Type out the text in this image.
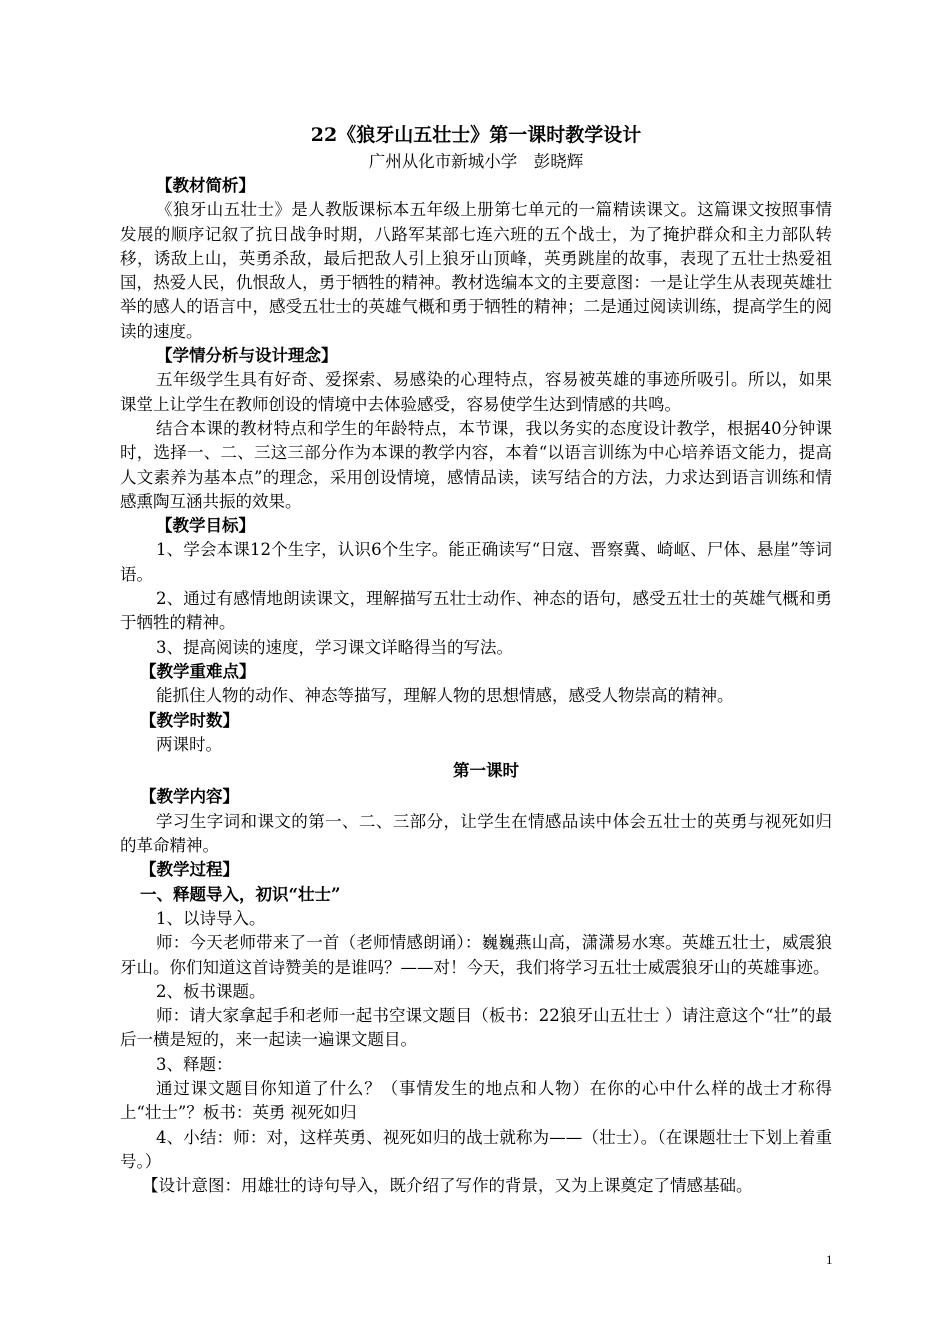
22《狼牙山五壮士》第一课时教学设计

广州从化市新城小学　彭晓辉

【教材简析】

《狼牙山五壮士》是人教版课标本五年级上册第七单元的一篇精读课文。这篇课文按照事情发展的顺序记叙了抗日战争时期，八路军某部七连六班的五个战士，为了掩护群众和主力部队转移，诱敌上山，英勇杀敌，最后把敌人引上狼牙山顶峰，英勇跳崖的故事，表现了五壮士热爱祖国，热爱人民，仇恨敌人，勇于牺牲的精神。教材选编本文的主要意图：一是让学生从表现英雄壮举的感人的语言中，感受五壮士的英雄气概和勇于牺牲的精神；二是通过阅读训练，提高学生的阅读的速度。

【学情分析与设计理念】

五年级学生具有好奇、爱探索、易感染的心理特点，容易被英雄的事迹所吸引。所以，如果课堂上让学生在教师创设的情境中去体验感受，容易使学生达到情感的共鸣。

结合本课的教材特点和学生的年龄特点，本节课，我以务实的态度设计教学，根据40分钟课时，选择一、二、三这三部分作为本课的教学内容，本着“以语言训练为中心培养语文能力，提高人文素养为基本点”的理念，采用创设情境，感情品读，读写结合的方法，力求达到语言训练和情感熏陶互涵共振的效果。

【教学目标】

1、学会本课12个生字，认识6个生字。能正确读写“日寇、晋察冀、崎岖、尸体、悬崖”等词语。

2、通过有感情地朗读课文，理解描写五壮士动作、神态的语句，感受五壮士的英雄气概和勇于牺牲的精神。

3、提高阅读的速度，学习课文详略得当的写法。

【教学重难点】

能抓住人物的动作、神态等描写，理解人物的思想情感，感受人物崇高的精神。

【教学时数】

两课时。

第一课时

【教学内容】

学习生字词和课文的第一、二、三部分，让学生在情感品读中体会五壮士的英勇与视死如归的革命精神。

【教学过程】

一、释题导入，初识“壮士”

1、以诗导入。

师：今天老师带来了一首（老师情感朗诵）：巍巍燕山高，潇潇易水寒。英雄五壮士，威震狼牙山。你们知道这首诗赞美的是谁吗？——对！今天，我们将学习五壮士威震狼牙山的英雄事迹。

2、板书课题。

师：请大家拿起手和老师一起书空课文题目（板书：22狼牙山五壮士 ）请注意这个“壮”的最后一横是短的，来一起读一遍课文题目。

3、释题：

通过课文题目你知道了什么？（事情发生的地点和人物）在你的心中什么样的战士才称得上“壮士”？板书：英勇 视死如归

4、小结：师：对，这样英勇、视死如归的战士就称为——（壮士）。（在课题壮士下划上着重号。）

【设计意图：用雄壮的诗句导入，既介绍了写作的背景，又为上课奠定了情感基础。

1
